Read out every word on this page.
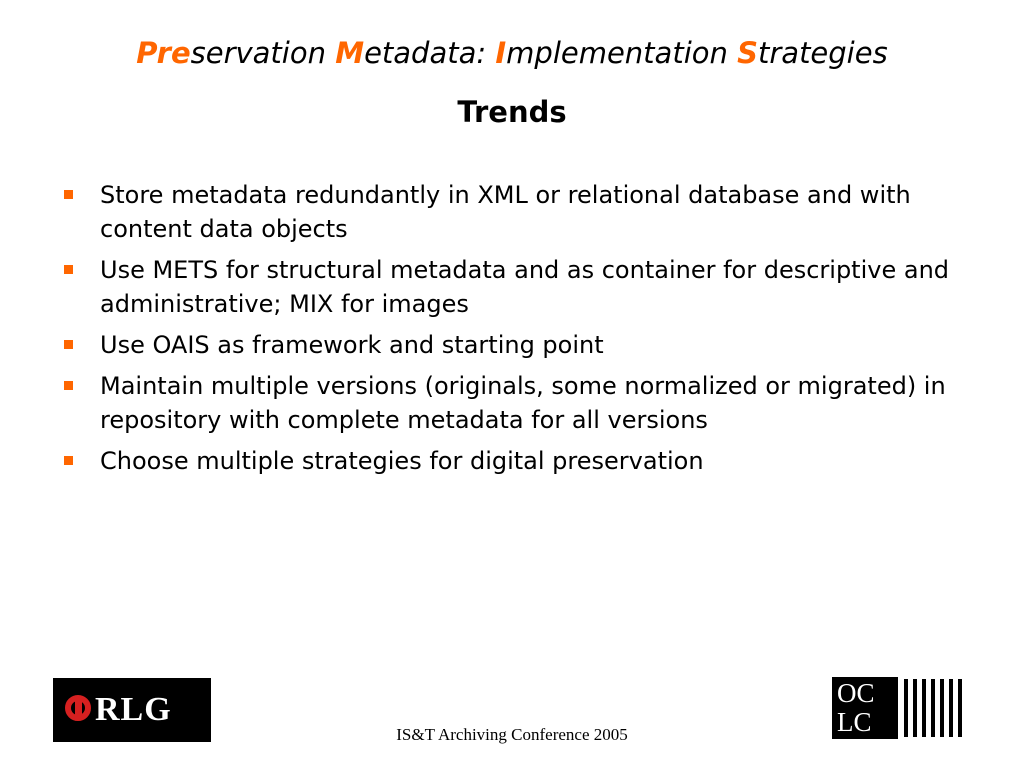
Preservation Metadata: Implementation Strategies
Trends
Store metadata redundantly in XML or relational database and with content data objects
Use METS for structural metadata and as container for descriptive and administrative; MIX for images
Use OAIS as framework and starting point
Maintain multiple versions (originals, some normalized or migrated) in repository with complete metadata for all versions
Choose multiple strategies for digital preservation
RLG
IS&T Archiving Conference 2005
OC
LC
